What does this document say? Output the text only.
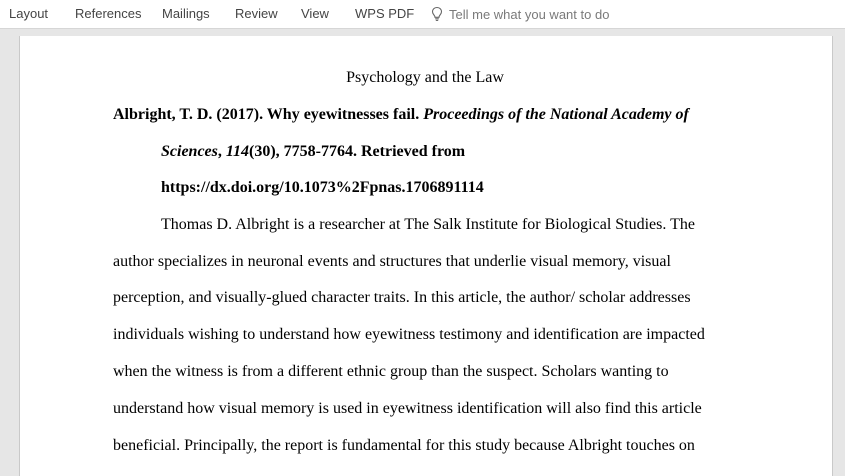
Layout References Mailings Review View WPS PDF	Tell me what you want to do
Psychology and the Law
Albright, T. D. (2017). Why eyewitnesses fail. Proceedings of the National Academy of
Sciences, 114(30), 7758-7764. Retrieved from
https://dx.doi.org/10.1073%2Fpnas.1706891114
Thomas D. Albright is a researcher at The Salk Institute for Biological Studies. The
author specializes in neuronal events and structures that underlie visual memory, visual
perception, and visually-glued character traits. In this article, the author/ scholar addresses
individuals wishing to understand how eyewitness testimony and identification are impacted
when the witness is from a different ethnic group than the suspect. Scholars wanting to
understand how visual memory is used in eyewitness identification will also find this article
beneficial. Principally, the report is fundamental for this study because Albright touches on
